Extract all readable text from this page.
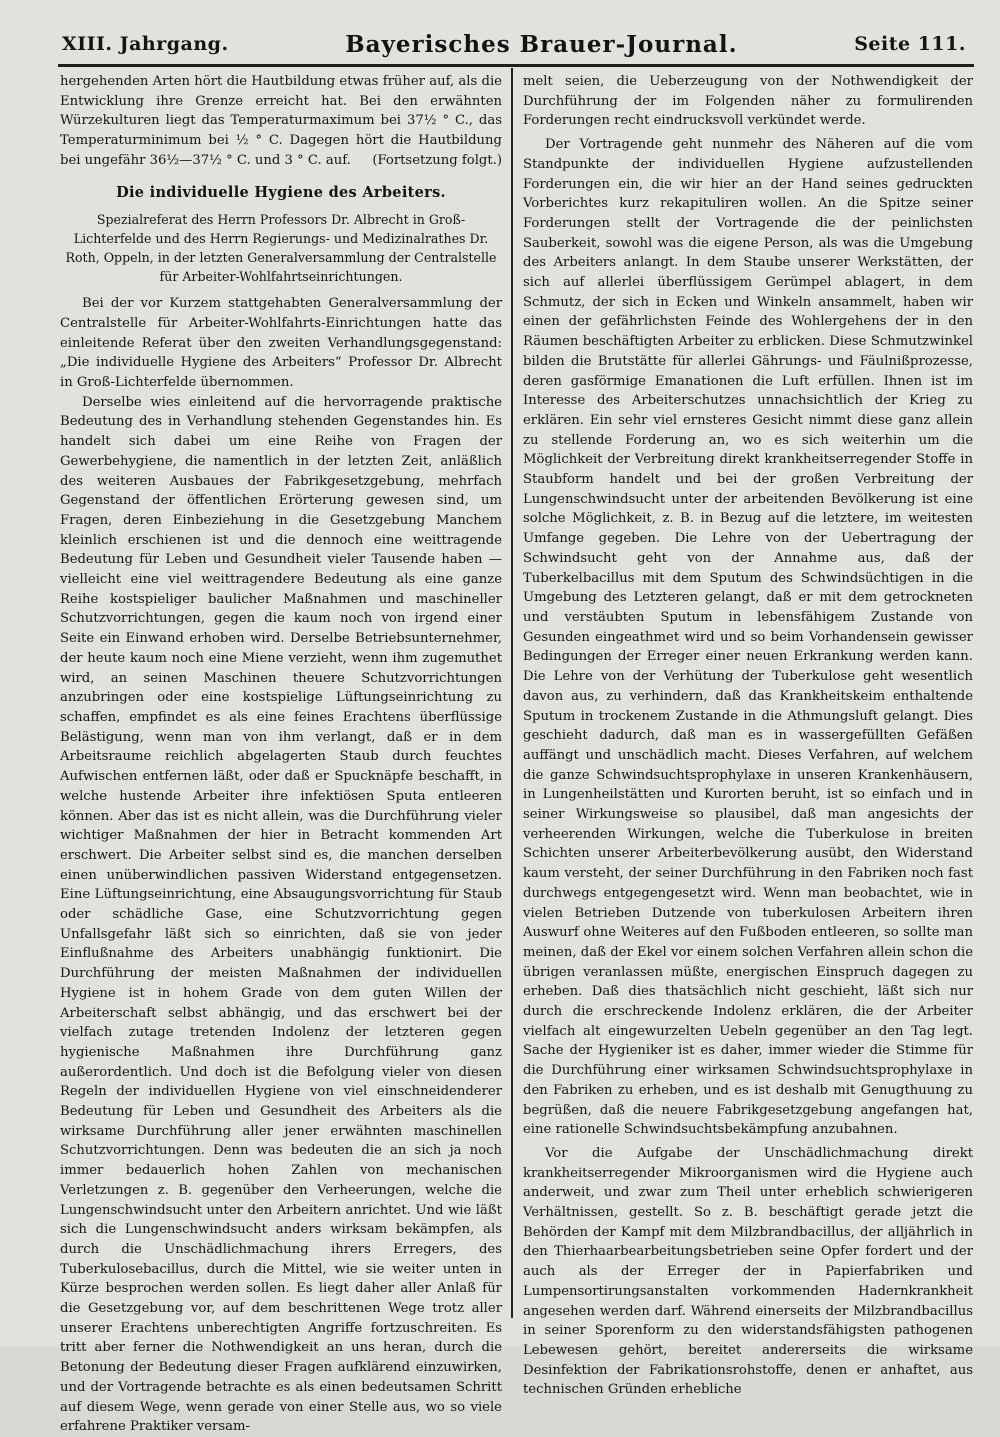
XIII. Jahrgang.	Bayerisches Brauer-Journal.	Seite 111.

hergehenden Arten hört die Hautbildung etwas früher auf, als die Entwicklung ihre Grenze erreicht hat. Bei den erwähnten Würzekulturen liegt das Temperaturmaximum bei 37½ ° C., das Temperaturminimum bei ½ ° C. Dagegen hört die Hautbildung bei ungefähr 36½—37½ ° C. und 3 ° C. auf. (Fortsetzung folgt.)

Die individuelle Hygiene des Arbeiters.
Spezialreferat des Herrn Professors Dr. Albrecht in Groß-Lichterfelde und des Herrn Regierungs- und Medizinalrathes Dr. Roth, Oppeln, in der letzten Generalversammlung der Centralstelle für Arbeiter-Wohlfahrtseinrichtungen.

Bei der vor Kurzem stattgehabten Generalversammlung der Centralstelle für Arbeiter-Wohlfahrts-Einrichtungen hatte das einleitende Referat über den zweiten Verhandlungsgegenstand: „Die individuelle Hygiene des Arbeiters“ Professor Dr. Albrecht in Groß-Lichterfelde übernommen.

Derselbe wies einleitend auf die hervorragende praktische Bedeutung des in Verhandlung stehenden Gegenstandes hin. Es handelt sich dabei um eine Reihe von Fragen der Gewerbehygiene, die namentlich in der letzten Zeit, anläßlich des weiteren Ausbaues der Fabrikgesetzgebung, mehrfach Gegenstand der öffentlichen Erörterung gewesen sind, um Fragen, deren Einbeziehung in die Gesetzgebung Manchem kleinlich erschienen ist und die dennoch eine weittragende Bedeutung für Leben und Gesundheit vieler Tausende haben — vielleicht eine viel weittragendere Bedeutung als eine ganze Reihe kostspieliger baulicher Maßnahmen und maschineller Schutzvorrichtungen, gegen die kaum noch von irgend einer Seite ein Einwand erhoben wird. Derselbe Betriebsunternehmer, der heute kaum noch eine Miene verzieht, wenn ihm zugemuthet wird, an seinen Maschinen theuere Schutzvorrichtungen anzubringen oder eine kostspielige Lüftungseinrichtung zu schaffen, empfindet es als eine feines Erachtens überflüssige Belästigung, wenn man von ihm verlangt, daß er in dem Arbeitsraume reichlich abgelagerten Staub durch feuchtes Aufwischen entfernen läßt, oder daß er Spucknäpfe beschafft, in welche hustende Arbeiter ihre infektiösen Sputa entleeren können. Aber das ist es nicht allein, was die Durchführung vieler wichtiger Maßnahmen der hier in Betracht kommenden Art erschwert. Die Arbeiter selbst sind es, die manchen derselben einen unüberwindlichen passiven Widerstand entgegensetzen. Eine Lüftungseinrichtung, eine Absaugungsvorrichtung für Staub oder schädliche Gase, eine Schutzvorrichtung gegen Unfallsgefahr läßt sich so einrichten, daß sie von jeder Einflußnahme des Arbeiters unabhängig funktionirt. Die Durchführung der meisten Maßnahmen der individuellen Hygiene ist in hohem Grade von dem guten Willen der Arbeiterschaft selbst abhängig, und das erschwert bei der vielfach zutage tretenden Indolenz der letzteren gegen hygienische Maßnahmen ihre Durchführung ganz außerordentlich. Und doch ist die Befolgung vieler von diesen Regeln der individuellen Hygiene von viel einschneidenderer Bedeutung für Leben und Gesundheit des Arbeiters als die wirksame Durchführung aller jener erwähnten maschinellen Schutzvorrichtungen. Denn was bedeuten die an sich ja noch immer bedauerlich hohen Zahlen von mechanischen Verletzungen z. B. gegenüber den Verheerungen, welche die Lungenschwindsucht unter den Arbeitern anrichtet. Und wie läßt sich die Lungenschwindsucht anders wirksam bekämpfen, als durch die Unschädlichmachung ihrers Erregers, des Tuberkulosebacillus, durch die Mittel, wie sie weiter unten in Kürze besprochen werden sollen. Es liegt daher aller Anlaß für die Gesetzgebung vor, auf dem beschrittenen Wege trotz aller unserer Erachtens unberechtigten Angriffe fortzuschreiten. Es tritt aber ferner die Nothwendigkeit an uns heran, durch die Betonung der Bedeutung dieser Fragen aufklärend einzuwirken, und der Vortragende betrachte es als einen bedeutsamen Schritt auf diesem Wege, wenn gerade von einer Stelle aus, wo so viele erfahrene Praktiker versam-

melt seien, die Ueberzeugung von der Nothwendigkeit der Durchführung der im Folgenden näher zu formulirenden Forderungen recht eindrucksvoll verkündet werde.

Der Vortragende geht nunmehr des Näheren auf die vom Standpunkte der individuellen Hygiene aufzustellenden Forderungen ein, die wir hier an der Hand seines gedruckten Vorberichtes kurz rekapituliren wollen. An die Spitze seiner Forderungen stellt der Vortragende die der peinlichsten Sauberkeit, sowohl was die eigene Person, als was die Umgebung des Arbeiters anlangt. In dem Staube unserer Werkstätten, der sich auf allerlei überflüssigem Gerümpel ablagert, in dem Schmutz, der sich in Ecken und Winkeln ansammelt, haben wir einen der gefährlichsten Feinde des Wohlergehens der in den Räumen beschäftigten Arbeiter zu erblicken. Diese Schmutzwinkel bilden die Brutstätte für allerlei Gährungs- und Fäulnißprozesse, deren gasförmige Emanationen die Luft erfüllen. Ihnen ist im Interesse des Arbeiterschutzes unnachsichtlich der Krieg zu erklären. Ein sehr viel ernsteres Gesicht nimmt diese ganz allein zu stellende Forderung an, wo es sich weiterhin um die Möglichkeit der Verbreitung direkt krankheitserregender Stoffe in Staubform handelt und bei der großen Verbreitung der Lungenschwindsucht unter der arbeitenden Bevölkerung ist eine solche Möglichkeit, z. B. in Bezug auf die letztere, im weitesten Umfange gegeben. Die Lehre von der Uebertragung der Schwindsucht geht von der Annahme aus, daß der Tuberkelbacillus mit dem Sputum des Schwindsüchtigen in die Umgebung des Letzteren gelangt, daß er mit dem getrockneten und verstäubten Sputum in lebensfähigem Zustande von Gesunden eingeathmet wird und so beim Vorhandensein gewisser Bedingungen der Erreger einer neuen Erkrankung werden kann. Die Lehre von der Verhütung der Tuberkulose geht wesentlich davon aus, zu verhindern, daß das Krankheitskeim enthaltende Sputum in trockenem Zustande in die Athmungsluft gelangt. Dies geschieht dadurch, daß man es in wassergefüllten Gefäßen auffängt und unschädlich macht. Dieses Verfahren, auf welchem die ganze Schwindsuchtsprophylaxe in unseren Krankenhäusern, in Lungenheilstätten und Kurorten beruht, ist so einfach und in seiner Wirkungsweise so plausibel, daß man angesichts der verheerenden Wirkungen, welche die Tuberkulose in breiten Schichten unserer Arbeiterbevölkerung ausübt, den Widerstand kaum versteht, der seiner Durchführung in den Fabriken noch fast durchwegs entgegengesetzt wird. Wenn man beobachtet, wie in vielen Betrieben Dutzende von tuberkulosen Arbeitern ihren Auswurf ohne Weiteres auf den Fußboden entleeren, so sollte man meinen, daß der Ekel vor einem solchen Verfahren allein schon die übrigen veranlassen müßte, energischen Einspruch dagegen zu erheben. Daß dies thatsächlich nicht geschieht, läßt sich nur durch die erschreckende Indolenz erklären, die der Arbeiter vielfach alt eingewurzelten Uebeln gegenüber an den Tag legt. Sache der Hygieniker ist es daher, immer wieder die Stimme für die Durchführung einer wirksamen Schwindsuchtsprophylaxe in den Fabriken zu erheben, und es ist deshalb mit Genugthuung zu begrüßen, daß die neuere Fabrikgesetzgebung angefangen hat, eine rationelle Schwindsuchtsbekämpfung anzubahnen.

Vor die Aufgabe der Unschädlichmachung direkt krankheitserregender Mikroorganismen wird die Hygiene auch anderweit, und zwar zum Theil unter erheblich schwierigeren Verhältnissen, gestellt. So z. B. beschäftigt gerade jetzt die Behörden der Kampf mit dem Milzbrandbacillus, der alljährlich in den Thierhaarbearbeitungsbetrieben seine Opfer fordert und der auch als der Erreger der in Papierfabriken und Lumpensortirungsanstalten vorkommenden Hadernkrankheit angesehen werden darf. Während einerseits der Milzbrandbacillus in seiner Sporenform zu den widerstandsfähigsten pathogenen Lebewesen gehört, bereitet andererseits die wirksame Desinfektion der Fabrikationsrohstoffe, denen er anhaftet, aus technischen Gründen erhebliche
